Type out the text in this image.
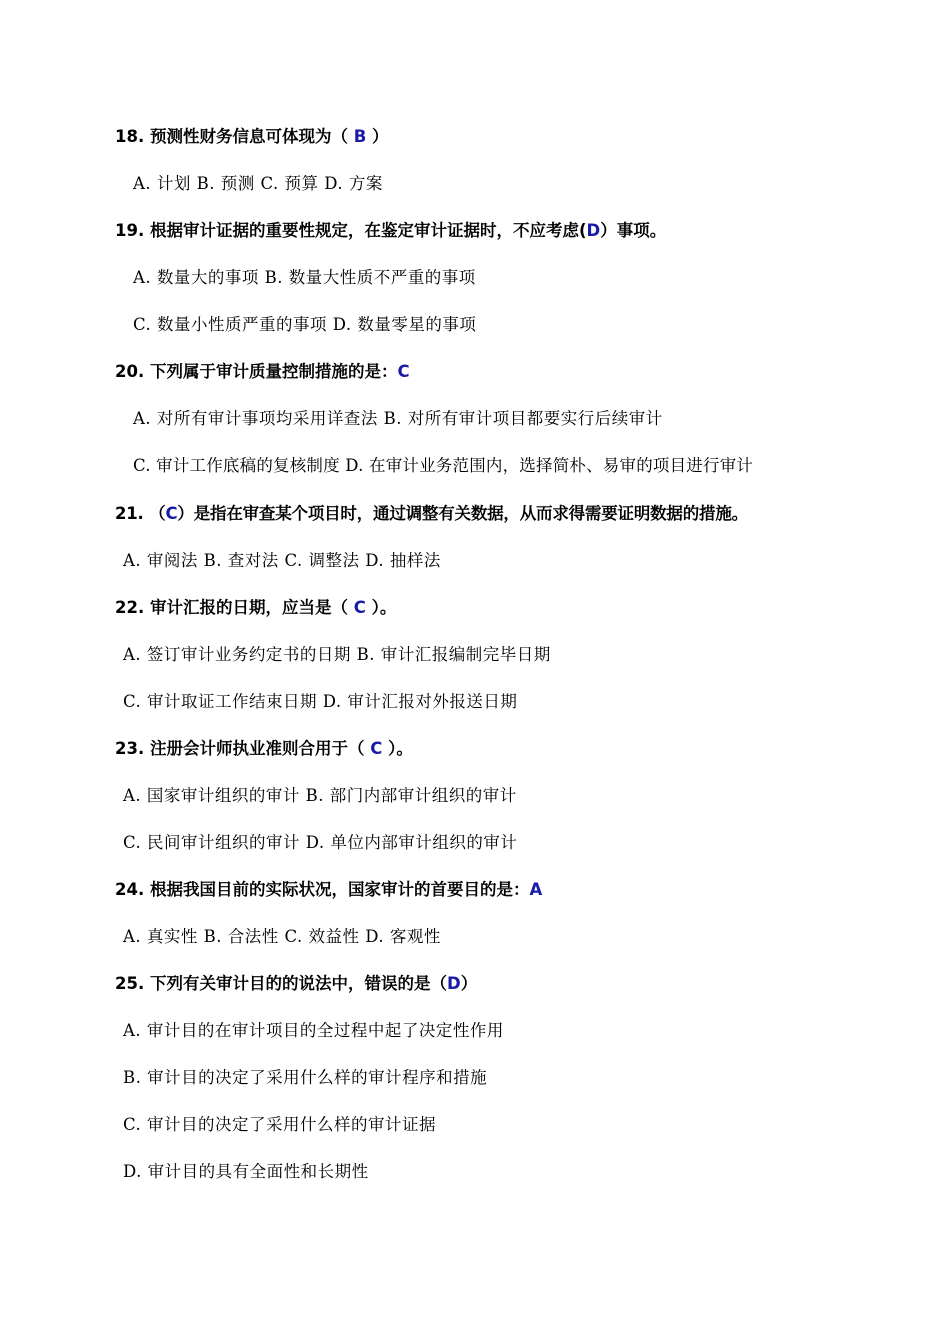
18. 预测性财务信息可体现为（ B ）
A. 计划 B. 预测 C. 预算 D. 方案
19. 根据审计证据的重要性规定，在鉴定审计证据时，不应考虑(D）事项。
A. 数量大的事项 B. 数量大性质不严重的事项
C. 数量小性质严重的事项 D. 数量零星的事项
20. 下列属于审计质量控制措施的是：C
A. 对所有审计事项均采用详查法 B. 对所有审计项目都要实行后续审计
C. 审计工作底稿的复核制度 D. 在审计业务范围内，选择简朴、易审的项目进行审计
21. （C）是指在审查某个项目时，通过调整有关数据，从而求得需要证明数据的措施。
A. 审阅法 B. 查对法 C. 调整法 D. 抽样法
22. 审计汇报的日期，应当是（ C ）。
A. 签订审计业务约定书的日期 B. 审计汇报编制完毕日期
C. 审计取证工作结束日期 D. 审计汇报对外报送日期
23. 注册会计师执业准则合用于（ C ）。
A. 国家审计组织的审计 B. 部门内部审计组织的审计
C. 民间审计组织的审计 D. 单位内部审计组织的审计
24. 根据我国目前的实际状况，国家审计的首要目的是：A
A. 真实性 B. 合法性 C. 效益性 D. 客观性
25. 下列有关审计目的的说法中，错误的是（D）
A. 审计目的在审计项目的全过程中起了决定性作用
B. 审计目的决定了采用什么样的审计程序和措施
C. 审计目的决定了采用什么样的审计证据
D. 审计目的具有全面性和长期性
